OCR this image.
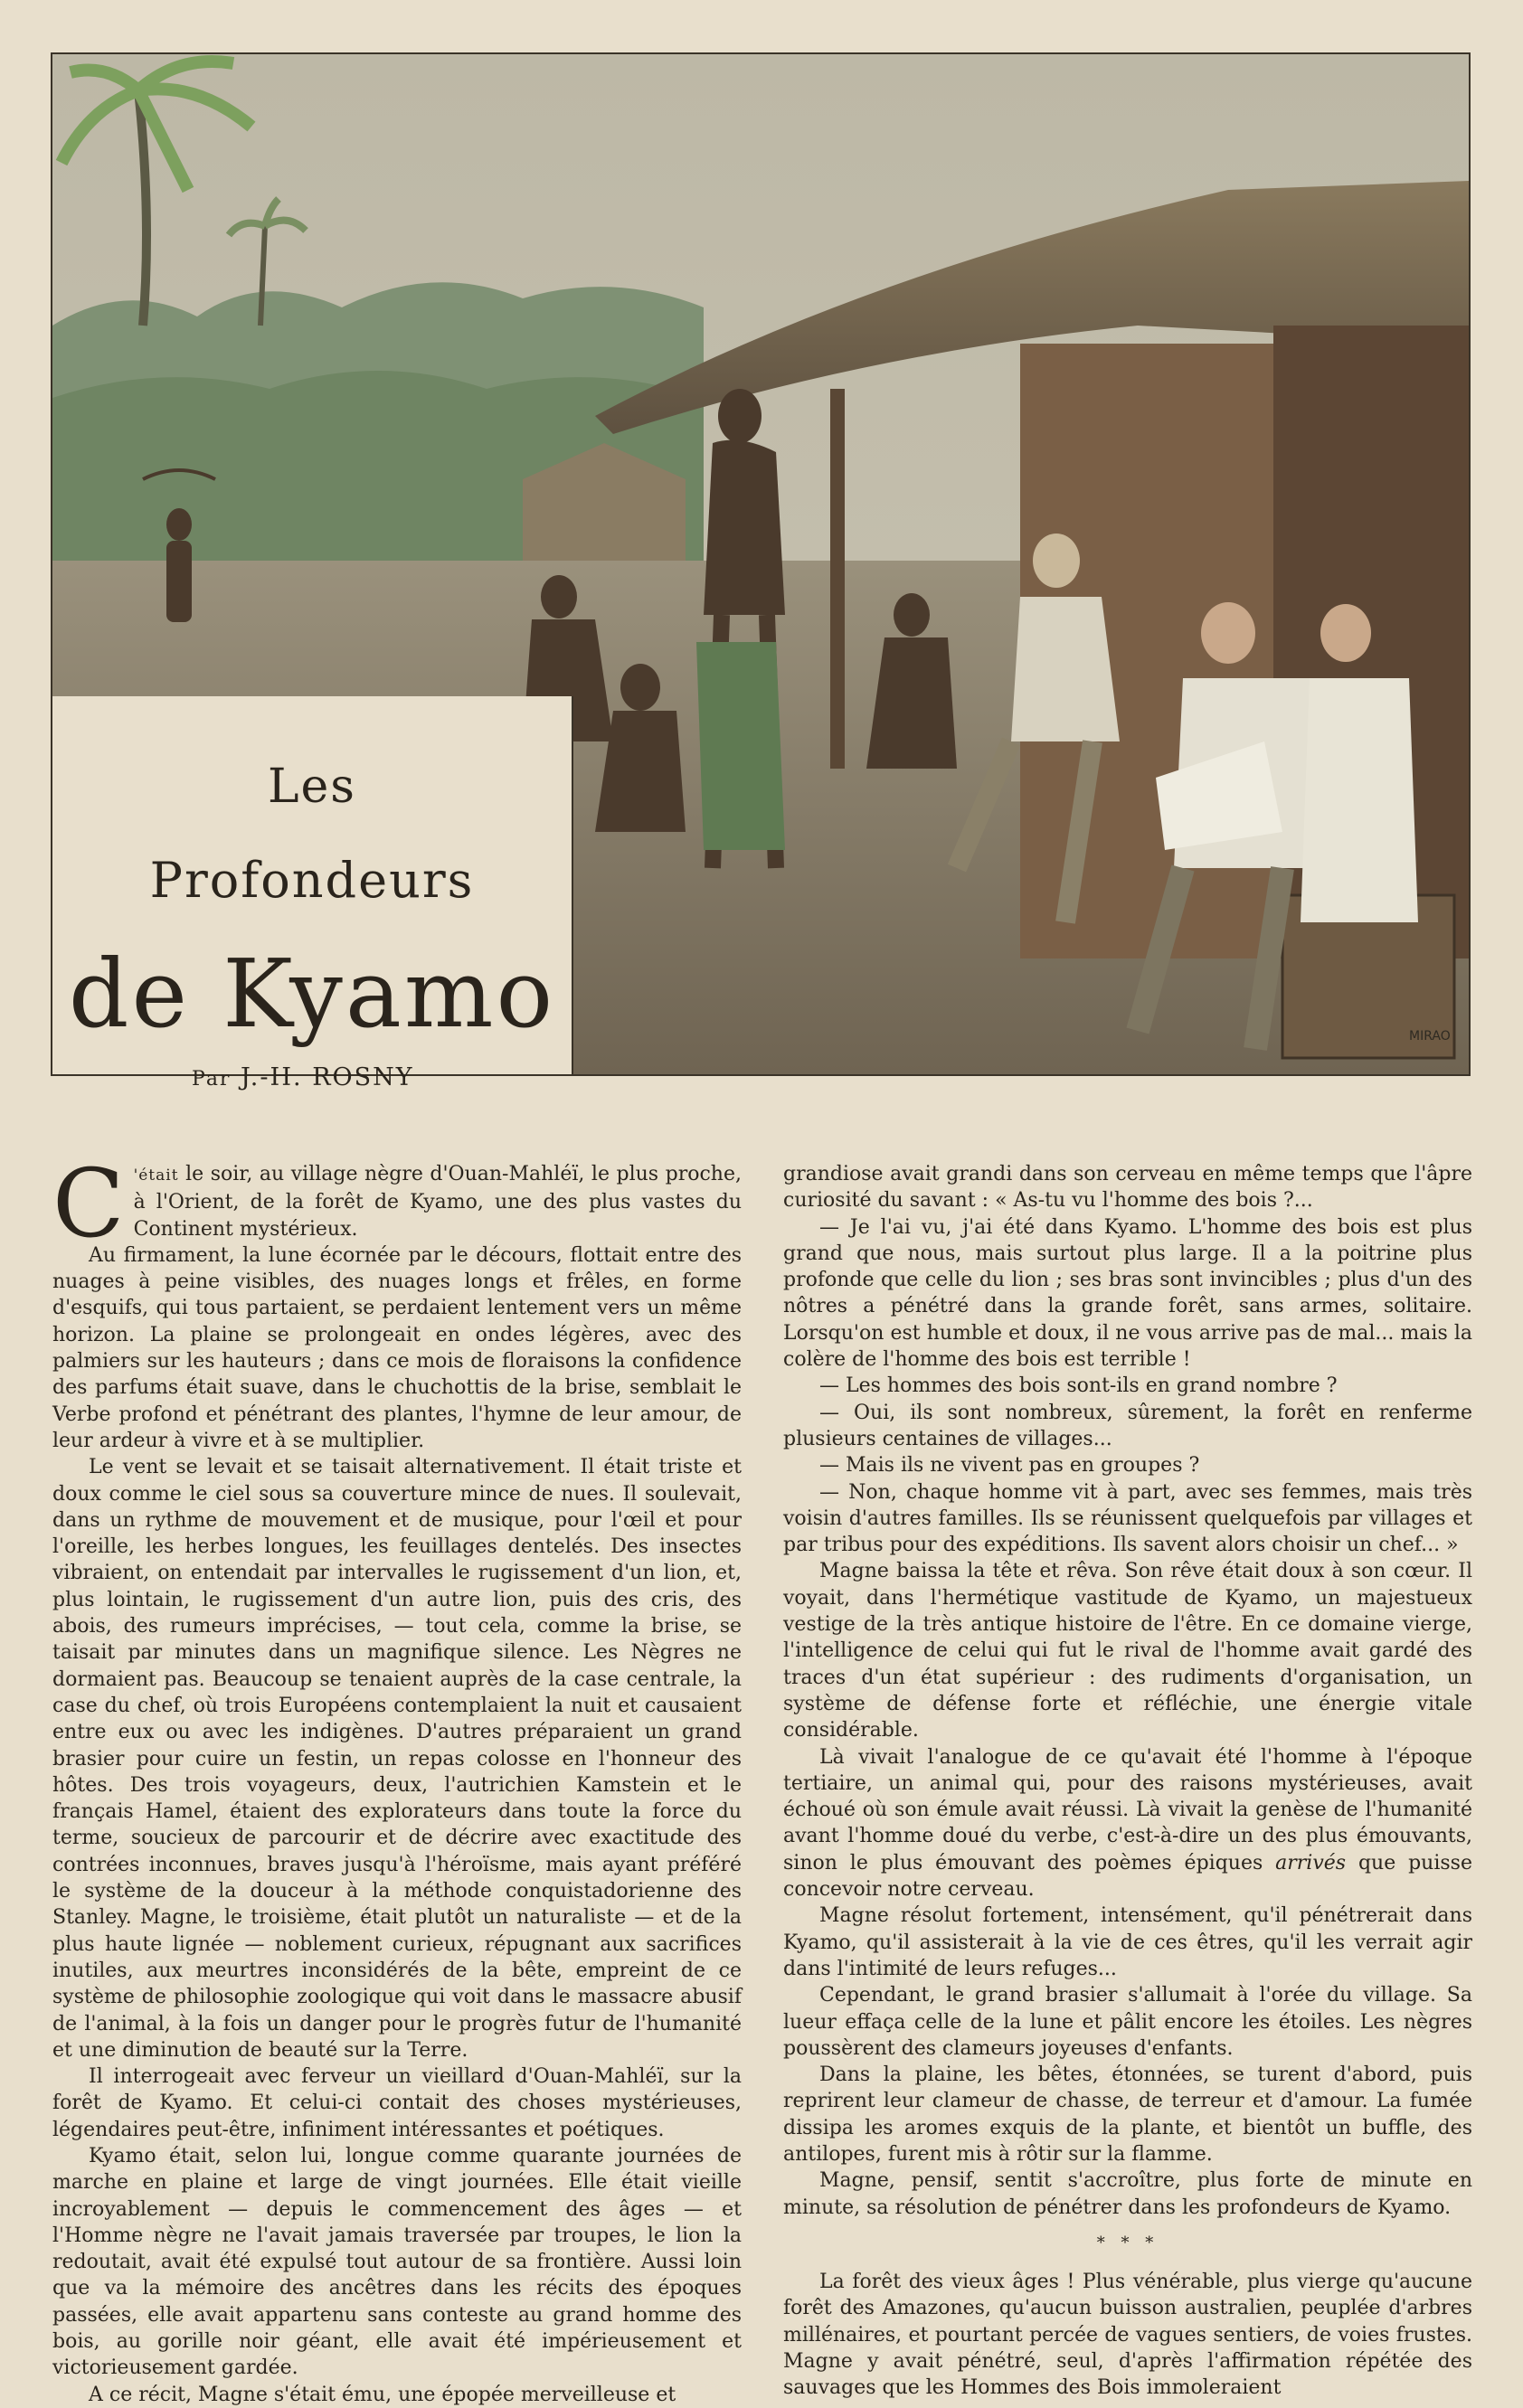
MIRAO
Les
Profondeurs
de Kyamo
Par J.-H. ROSNY

C 'était le soir, au village nègre d'Ouan-Mahléï, le plus proche, à l'Orient, de la forêt de Kyamo, une des plus vastes du Continent mystérieux.

Au firmament, la lune écornée par le décours, flottait entre des nuages à peine visibles, des nuages longs et frêles, en forme d'esquifs, qui tous partaient, se perdaient lentement vers un même horizon. La plaine se prolongeait en ondes légères, avec des palmiers sur les hauteurs ; dans ce mois de floraisons la confidence des parfums était suave, dans le chuchottis de la brise, semblait le Verbe profond et pénétrant des plantes, l'hymne de leur amour, de leur ardeur à vivre et à se multiplier.

Le vent se levait et se taisait alternativement. Il était triste et doux comme le ciel sous sa couverture mince de nues. Il soulevait, dans un rythme de mouvement et de musique, pour l'œil et pour l'oreille, les herbes longues, les feuillages dentelés. Des insectes vibraient, on entendait par intervalles le rugissement d'un lion, et, plus lointain, le rugissement d'un autre lion, puis des cris, des abois, des rumeurs imprécises, — tout cela, comme la brise, se taisait par minutes dans un magnifique silence. Les Nègres ne dormaient pas. Beaucoup se tenaient auprès de la case centrale, la case du chef, où trois Européens contemplaient la nuit et causaient entre eux ou avec les indigènes. D'autres préparaient un grand brasier pour cuire un festin, un repas colosse en l'honneur des hôtes. Des trois voyageurs, deux, l'autrichien Kamstein et le français Hamel, étaient des explorateurs dans toute la force du terme, soucieux de parcourir et de décrire avec exactitude des contrées inconnues, braves jusqu'à l'héroïsme, mais ayant préféré le système de la douceur à la méthode conquistadorienne des Stanley. Magne, le troisième, était plutôt un naturaliste — et de la plus haute lignée — noblement curieux, répugnant aux sacrifices inutiles, aux meurtres inconsidérés de la bête, empreint de ce système de philosophie zoologique qui voit dans le massacre abusif de l'animal, à la fois un danger pour le progrès futur de l'humanité et une diminution de beauté sur la Terre.

Il interrogeait avec ferveur un vieillard d'Ouan-Mahléï, sur la forêt de Kyamo. Et celui-ci contait des choses mystérieuses, légendaires peut-être, infiniment intéressantes et poétiques.

Kyamo était, selon lui, longue comme quarante journées de marche en plaine et large de vingt journées. Elle était vieille incroyablement — depuis le commencement des âges — et l'Homme nègre ne l'avait jamais traversée par troupes, le lion la redoutait, avait été expulsé tout autour de sa frontière. Aussi loin que va la mémoire des ancêtres dans les récits des époques passées, elle avait appartenu sans conteste au grand homme des bois, au gorille noir géant, elle avait été impérieusement et victorieusement gardée.

A ce récit, Magne s'était ému, une épopée merveilleuse et

grandiose avait grandi dans son cerveau en même temps que l'âpre curiosité du savant : « As-tu vu l'homme des bois ?...

— Je l'ai vu, j'ai été dans Kyamo. L'homme des bois est plus grand que nous, mais surtout plus large. Il a la poitrine plus profonde que celle du lion ; ses bras sont invincibles ; plus d'un des nôtres a pénétré dans la grande forêt, sans armes, solitaire. Lorsqu'on est humble et doux, il ne vous arrive pas de mal... mais la colère de l'homme des bois est terrible !

— Les hommes des bois sont-ils en grand nombre ?

— Oui, ils sont nombreux, sûrement, la forêt en renferme plusieurs centaines de villages...

— Mais ils ne vivent pas en groupes ?

— Non, chaque homme vit à part, avec ses femmes, mais très voisin d'autres familles. Ils se réunissent quelquefois par villages et par tribus pour des expéditions. Ils savent alors choisir un chef... »

Magne baissa la tête et rêva. Son rêve était doux à son cœur. Il voyait, dans l'hermétique vastitude de Kyamo, un majestueux vestige de la très antique histoire de l'être. En ce domaine vierge, l'intelligence de celui qui fut le rival de l'homme avait gardé des traces d'un état supérieur : des rudiments d'organisation, un système de défense forte et réfléchie, une énergie vitale considérable.

Là vivait l'analogue de ce qu'avait été l'homme à l'époque tertiaire, un animal qui, pour des raisons mystérieuses, avait échoué où son émule avait réussi. Là vivait la genèse de l'humanité avant l'homme doué du verbe, c'est-à-dire un des plus émouvants, sinon le plus émouvant des poèmes épiques arrivés que puisse concevoir notre cerveau.

Magne résolut fortement, intensément, qu'il pénétrerait dans Kyamo, qu'il assisterait à la vie de ces êtres, qu'il les verrait agir dans l'intimité de leurs refuges...

Cependant, le grand brasier s'allumait à l'orée du village. Sa lueur effaça celle de la lune et pâlit encore les étoiles. Les nègres poussèrent des clameurs joyeuses d'enfants.

Dans la plaine, les bêtes, étonnées, se turent d'abord, puis reprirent leur clameur de chasse, de terreur et d'amour. La fumée dissipa les aromes exquis de la plante, et bientôt un buffle, des antilopes, furent mis à rôtir sur la flamme.

Magne, pensif, sentit s'accroître, plus forte de minute en minute, sa résolution de pénétrer dans les profondeurs de Kyamo.

* * *

La forêt des vieux âges ! Plus vénérable, plus vierge qu'aucune forêt des Amazones, qu'aucun buisson australien, peuplée d'arbres millénaires, et pourtant percée de vagues sentiers, de voies frustes. Magne y avait pénétré, seul, d'après l'affirmation répétée des sauvages que les Hommes des Bois immoleraient
